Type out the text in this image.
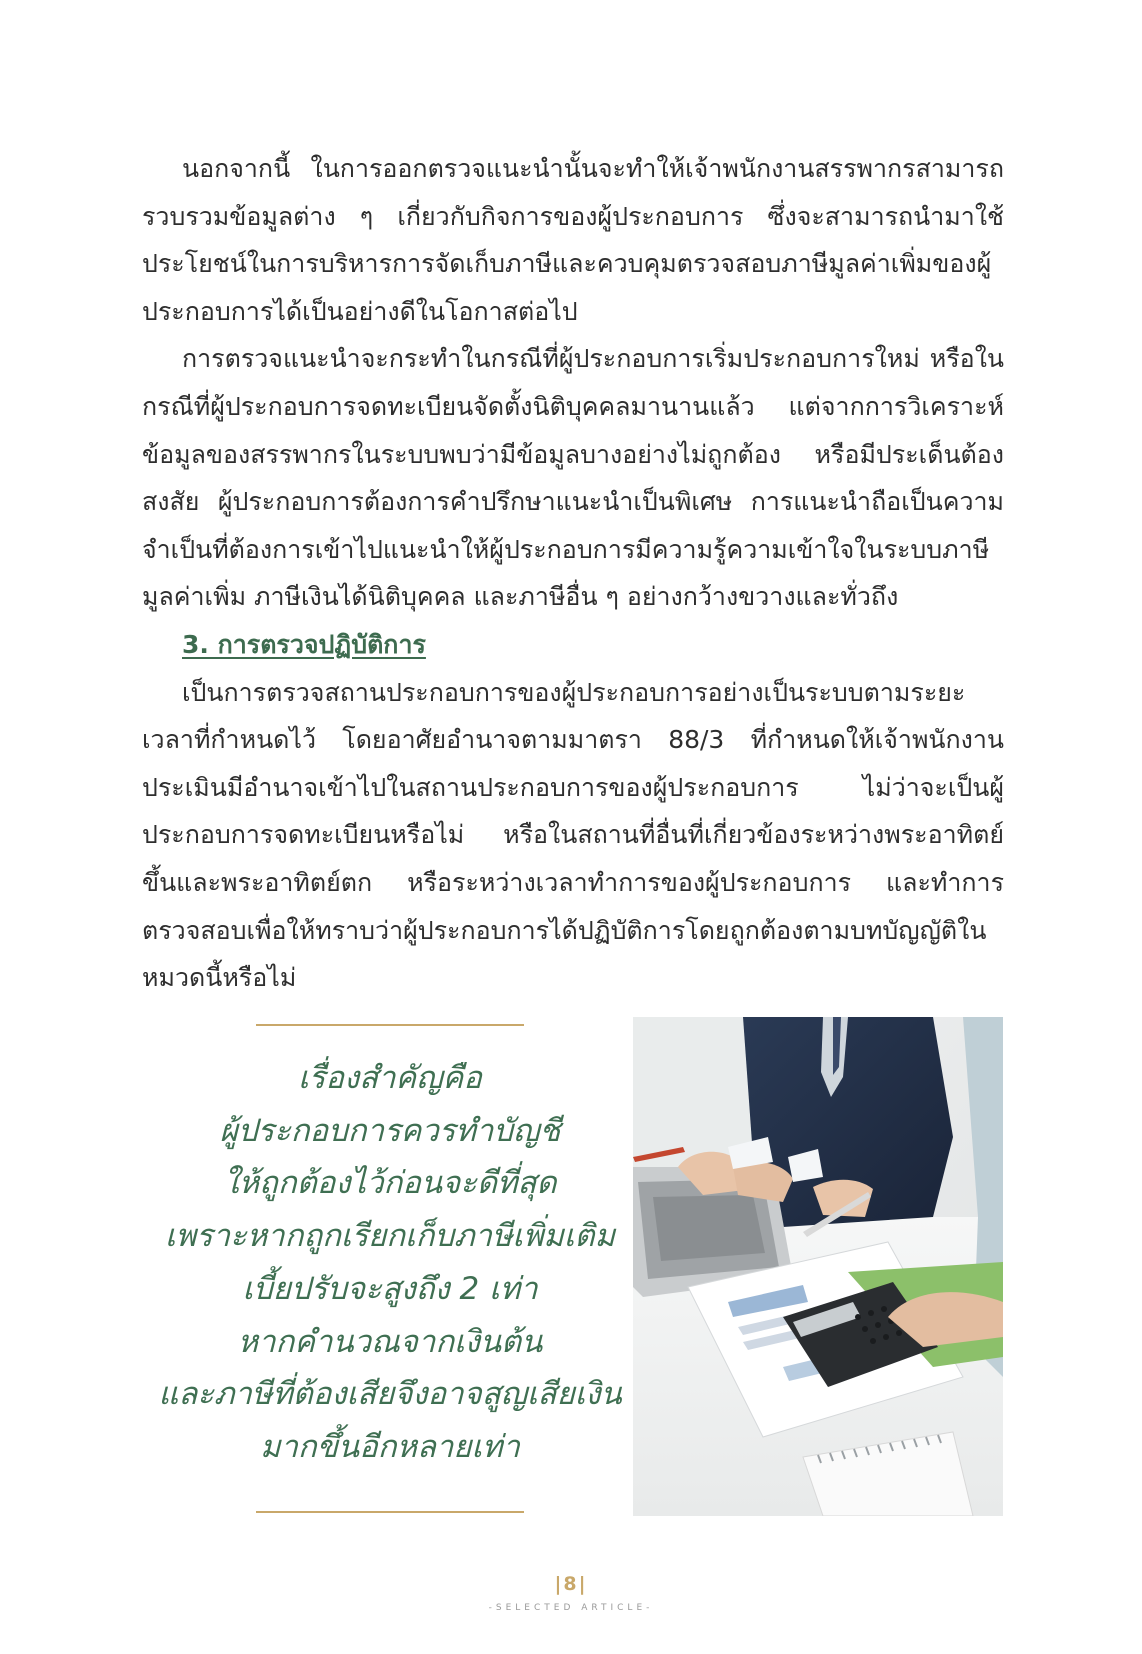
นอกจากนี้ ในการออกตรวจแนะนำนั้นจะทำให้เจ้าพนักงานสรรพากรสามารถรวบรวมข้อมูลต่าง ๆ เกี่ยวกับกิจการของผู้ประกอบการ ซึ่งจะสามารถนำมาใช้ประโยชน์ในการบริหารการจัดเก็บภาษีและควบคุมตรวจสอบภาษีมูลค่าเพิ่มของผู้ประกอบการได้เป็นอย่างดีในโอกาสต่อไป

การตรวจแนะนำจะกระทำในกรณีที่ผู้ประกอบการเริ่มประกอบการใหม่ หรือในกรณีที่ผู้ประกอบการจดทะเบียนจัดตั้งนิติบุคคลมานานแล้ว แต่จากการวิเคราะห์ข้อมูลของสรรพากรในระบบพบว่ามีข้อมูลบางอย่างไม่ถูกต้อง หรือมีประเด็นต้องสงสัย ผู้ประกอบการต้องการคำปรึกษาแนะนำเป็นพิเศษ การแนะนำถือเป็นความจำเป็นที่ต้องการเข้าไปแนะนำให้ผู้ประกอบการมีความรู้ความเข้าใจในระบบภาษีมูลค่าเพิ่ม ภาษีเงินได้นิติบุคคล และภาษีอื่น ๆ อย่างกว้างขวางและทั่วถึง

3. การตรวจปฏิบัติการ

เป็นการตรวจสถานประกอบการของผู้ประกอบการอย่างเป็นระบบตามระยะเวลาที่กำหนดไว้ โดยอาศัยอำนาจตามมาตรา 88/3 ที่กำหนดให้เจ้าพนักงานประเมินมีอำนาจเข้าไปในสถานประกอบการของผู้ประกอบการ ไม่ว่าจะเป็นผู้ประกอบการจดทะเบียนหรือไม่ หรือในสถานที่อื่นที่เกี่ยวข้องระหว่างพระอาทิตย์ขึ้นและพระอาทิตย์ตก หรือระหว่างเวลาทำการของผู้ประกอบการ และทำการตรวจสอบเพื่อให้ทราบว่าผู้ประกอบการได้ปฏิบัติการโดยถูกต้องตามบทบัญญัติในหมวดนี้หรือไม่

เรื่องสำคัญคือ
ผู้ประกอบการควรทำบัญชี
ให้ถูกต้องไว้ก่อนจะดีที่สุด
เพราะหากถูกเรียกเก็บภาษีเพิ่มเติม
เบี้ยปรับจะสูงถึง 2 เท่า
หากคำนวณจากเงินต้น
และภาษีที่ต้องเสียจึงอาจสูญเสียเงิน
มากขึ้นอีกหลายเท่า
|8|
-SELECTED ARTICLE-
